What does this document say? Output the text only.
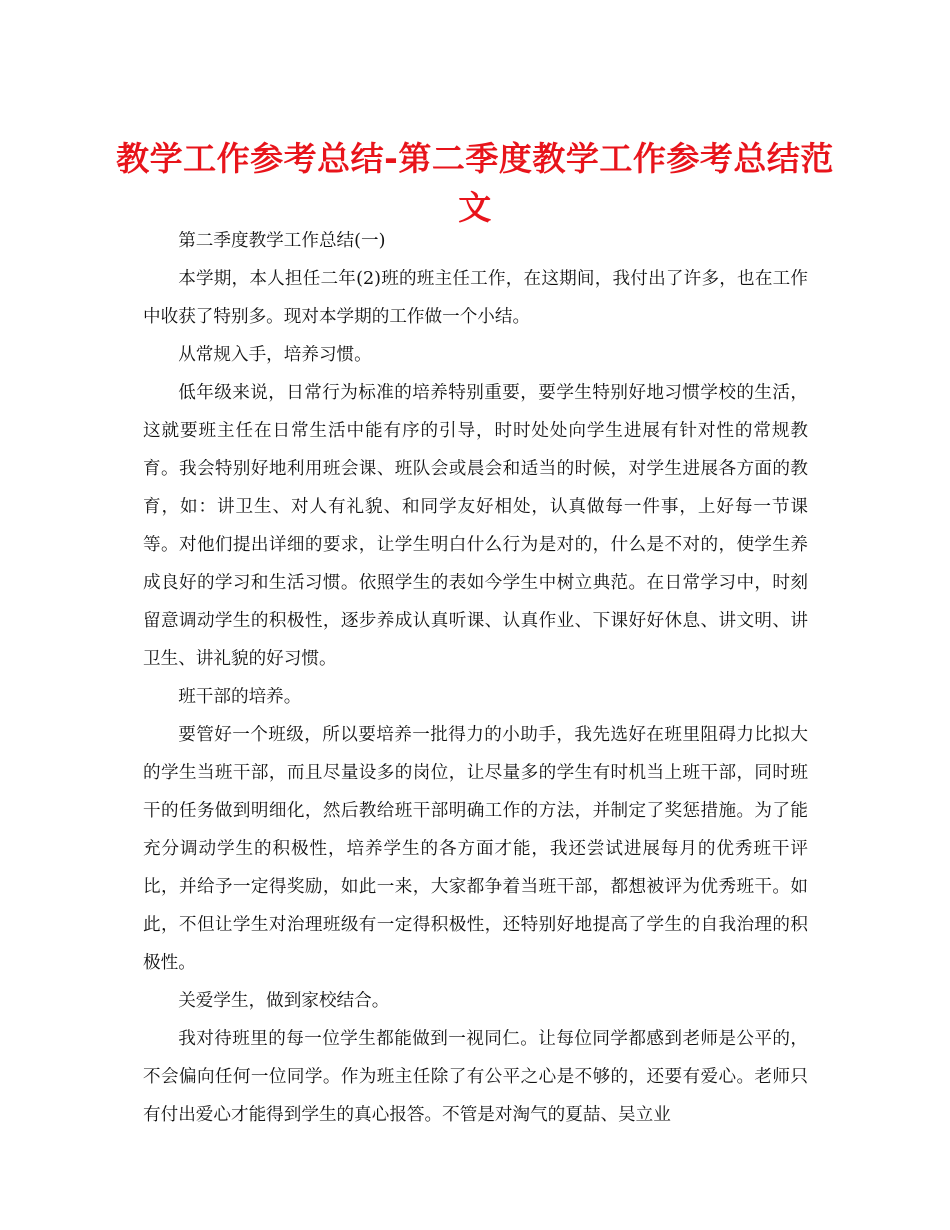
教学工作参考总结-第二季度教学工作参考总结范文

第二季度教学工作总结(一)

本学期，本人担任二年(2)班的班主任工作，在这期间，我付出了许多，也在工作中收获了特别多。现对本学期的工作做一个小结。

从常规入手，培养习惯。

低年级来说，日常行为标准的培养特别重要，要学生特别好地习惯学校的生活，这就要班主任在日常生活中能有序的引导，时时处处向学生进展有针对性的常规教育。我会特别好地利用班会课、班队会或晨会和适当的时候，对学生进展各方面的教育，如：讲卫生、对人有礼貌、和同学友好相处，认真做每一件事，上好每一节课等。对他们提出详细的要求，让学生明白什么行为是对的，什么是不对的，使学生养成良好的学习和生活习惯。依照学生的表如今学生中树立典范。在日常学习中，时刻留意调动学生的积极性，逐步养成认真听课、认真作业、下课好好休息、讲文明、讲卫生、讲礼貌的好习惯。

班干部的培养。

要管好一个班级，所以要培养一批得力的小助手，我先选好在班里阻碍力比拟大的学生当班干部，而且尽量设多的岗位，让尽量多的学生有时机当上班干部，同时班干的任务做到明细化，然后教给班干部明确工作的方法，并制定了奖惩措施。为了能充分调动学生的积极性，培养学生的各方面才能，我还尝试进展每月的优秀班干评比，并给予一定得奖励，如此一来，大家都争着当班干部，都想被评为优秀班干。如此，不但让学生对治理班级有一定得积极性，还特别好地提高了学生的自我治理的积极性。

关爱学生，做到家校结合。

我对待班里的每一位学生都能做到一视同仁。让每位同学都感到老师是公平的，不会偏向任何一位同学。作为班主任除了有公平之心是不够的，还要有爱心。老师只有付出爱心才能得到学生的真心报答。不管是对淘气的夏喆、吴立业
